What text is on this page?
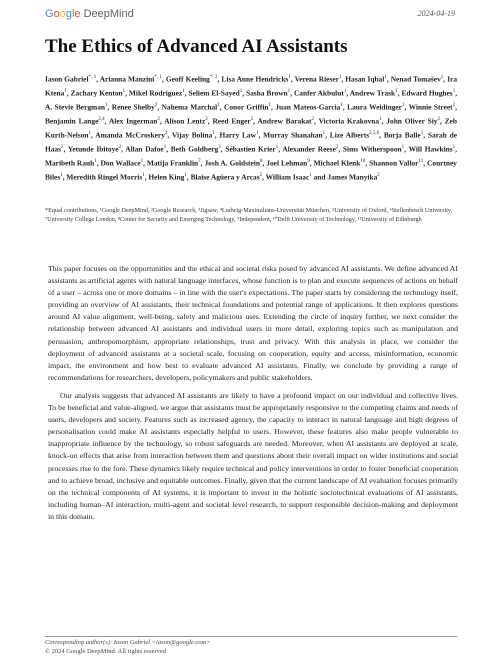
Google DeepMind	2024-04-19
The Ethics of Advanced AI Assistants
Iason Gabriel$^{*, 1}$, Arianna Manzini$^{*, 1}$, Geoff Keeling$^{*, 2}$, Lisa Anne Hendricks$^1$, Verena Rieser$^1$, Hasan Iqbal$^1$, Nenad Tomašev$^1$, Ira Ktena$^1$, Zachary Kenton$^1$, Mikel Rodriguez$^1$, Seliem El-Sayed$^1$, Sasha Brown$^1$, Canfer Akbulut$^1$, Andrew Trask$^1$, Edward Hughes$^1$, A. Stevie Bergman$^1$, Renee Shelby$^2$, Nahema Marchal$^1$, Conor Griffin$^1$, Juan Mateos-Garcia$^1$, Laura Weidinger$^1$, Winnie Street$^2$, Benjamin Lange$^{2,4}$, Alex Ingerman$^2$, Alison Lentz$^2$, Reed Enger$^2$, Andrew Barakat$^2$, Victoria Krakovna$^1$, John Oliver Siy$^2$, Zeb Kurth-Nelson$^1$, Amanda McCroskery$^2$, Vijay Bolina$^1$, Harry Law$^1$, Murray Shanahan$^1$, Lize Alberts$^{2,5,6}$, Borja Balle$^1$, Sarah de Haas$^2$, Yetunde Ibitoye$^2$, Allan Dafoe$^1$, Beth Goldberg$^3$, Sébastien Krier$^1$, Alexander Reese$^2$, Sims Witherspoon$^1$, Will Hawkins$^1$, Maribeth Rauh$^1$, Don Wallace$^1$, Matija Franklin$^7$, Josh A. Goldstein$^8$, Joel Lehman$^9$, Michael Klenk$^{10}$, Shannon Vallor$^{11}$, Courtney Biles$^1$, Meredith Ringel Morris$^1$, Helen King$^1$, Blaise Agüera y Arcas$^2$, William Isaac$^1$ and James Manyika$^2$
*Equal contributions, ¹Google DeepMind, ²Google Research, ³Jigsaw, ⁴Ludwig-Maximilians-Universität München, ⁵University of Oxford, ⁶Stellenbosch University, ⁷University College London, ⁸Center for Security and Emerging Technology, ⁹Independent, ¹⁰Delft University of Technology, ¹¹University of Edinburgh

This paper focuses on the opportunities and the ethical and societal risks posed by advanced AI assistants. We define advanced AI assistants as artificial agents with natural language interfaces, whose function is to plan and execute sequences of actions on behalf of a user – across one or more domains – in line with the user's expectations. The paper starts by considering the technology itself, providing an overview of AI assistants, their technical foundations and potential range of applications. It then explores questions around AI value alignment, well-being, safety and malicious uses. Extending the circle of inquiry further, we next consider the relationship between advanced AI assistants and individual users in more detail, exploring topics such as manipulation and persuasion, anthropomorphism, appropriate relationships, trust and privacy. With this analysis in place, we consider the deployment of advanced assistants at a societal scale, focusing on cooperation, equity and access, misinformation, economic impact, the environment and how best to evaluate advanced AI assistants. Finally, we conclude by providing a range of recommendations for researchers, developers, policymakers and public stakeholders.

Our analysis suggests that advanced AI assistants are likely to have a profound impact on our individual and collective lives. To be beneficial and value-aligned, we argue that assistants must be appropriately responsive to the competing claims and needs of users, developers and society. Features such as increased agency, the capacity to interact in natural language and high degrees of personalisation could make AI assistants especially helpful to users. However, these features also make people vulnerable to inappropriate influence by the technology, so robust safeguards are needed. Moreover, when AI assistants are deployed at scale, knock-on effects that arise from interaction between them and questions about their overall impact on wider institutions and social processes rise to the fore. These dynamics likely require technical and policy interventions in order to foster beneficial cooperation and to achieve broad, inclusive and equitable outcomes. Finally, given that the current landscape of AI evaluation focuses primarily on the technical components of AI systems, it is important to invest in the holistic sociotechnical evaluations of AI assistants, including human–AI interaction, multi-agent and societal level research, to support responsible decision-making and deployment in this domain.

Corresponding author(s): Iason Gabriel <iason@google.com>
© 2024 Google DeepMind. All rights reserved
